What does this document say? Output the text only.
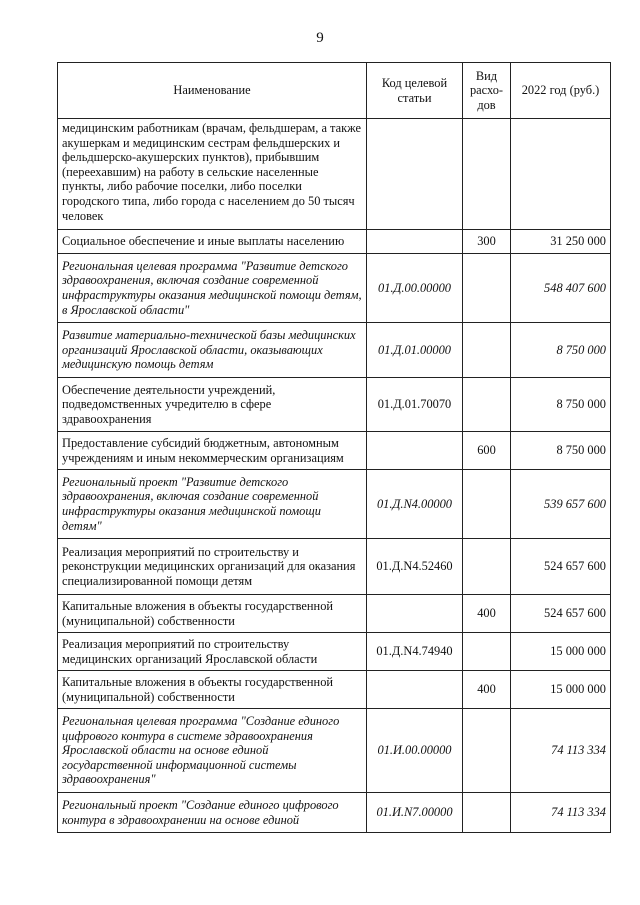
9
Наименование	Код целевой статьи	Вид расхо-дов	2022 год (руб.)
медицинским работникам (врачам, фельдшерам, а также акушеркам и медицинским сестрам фельдшерских и фельдшерско-акушерских пунктов), прибывшим (переехавшим) на работу в сельские населенные пункты, либо рабочие поселки, либо поселки городского типа, либо города с населением до 50 тысяч человек			
Социальное обеспечение и иные выплаты населению		300	31 250 000
Региональная целевая программа "Развитие детского здравоохранения, включая создание современной инфраструктуры оказания медицинской помощи детям, в Ярославской области"	01.Д.00.00000		548 407 600
Развитие материально-технической базы медицинских организаций Ярославской области, оказывающих медицинскую помощь детям	01.Д.01.00000		8 750 000
Обеспечение деятельности учреждений, подведомственных учредителю в сфере здравоохранения	01.Д.01.70070		8 750 000
Предоставление субсидий бюджетным, автономным учреждениям и иным некоммерческим организациям		600	8 750 000
Региональный проект "Развитие детского здравоохранения, включая создание современной инфраструктуры оказания медицинской помощи детям"	01.Д.N4.00000		539 657 600
Реализация мероприятий по строительству и реконструкции медицинских организаций для оказания специализированной помощи детям	01.Д.N4.52460		524 657 600
Капитальные вложения в объекты государственной (муниципальной) собственности		400	524 657 600
Реализация мероприятий по строительству медицинских организаций Ярославской области	01.Д.N4.74940		15 000 000
Капитальные вложения в объекты государственной (муниципальной) собственности		400	15 000 000
Региональная целевая программа "Создание единого цифрового контура в системе здравоохранения Ярославской области на основе единой государственной информационной системы здравоохранения"	01.И.00.00000		74 113 334
Региональный проект "Создание единого цифрового контура в здравоохранении на основе единой	01.И.N7.00000		74 113 334
